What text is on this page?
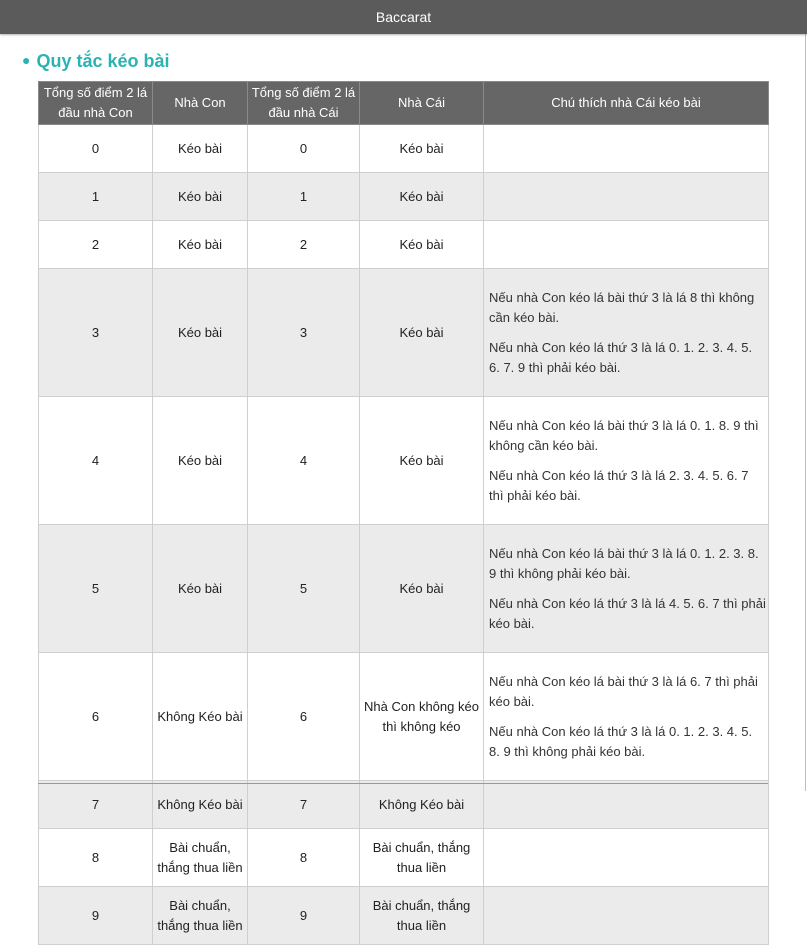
Baccarat
● Quy tắc kéo bài
Tổng số điểm 2 lá đầu nhà Con	Nhà Con	Tổng số điểm 2 lá đầu nhà Cái	Nhà Cái	Chú thích nhà Cái kéo bài
0	Kéo bài	0	Kéo bài	
1	Kéo bài	1	Kéo bài	
2	Kéo bài	2	Kéo bài	
3	Kéo bài	3	Kéo bài	Nếu nhà Con kéo lá bài thứ 3 là lá 8 thì không cần kéo bài.

Nếu nhà Con kéo lá thứ 3 là lá 0. 1. 2. 3. 4. 5. 6. 7. 9 thì phải kéo bài.

4	Kéo bài	4	Kéo bài	Nếu nhà Con kéo lá bài thứ 3 là lá 0. 1. 8. 9 thì không cần kéo bài.

Nếu nhà Con kéo lá thứ 3 là lá 2. 3. 4. 5. 6. 7 thì phải kéo bài.

5	Kéo bài	5	Kéo bài	Nếu nhà Con kéo lá bài thứ 3 là lá 0. 1. 2. 3. 8. 9 thì không phải kéo bài.

Nếu nhà Con kéo lá thứ 3 là lá 4. 5. 6. 7 thì phải kéo bài.

6	Không Kéo bài	6	Nhà Con không kéo thì không kéo	Nếu nhà Con kéo lá bài thứ 3 là lá 6. 7 thì phải kéo bài.

Nếu nhà Con kéo lá thứ 3 là lá 0. 1. 2. 3. 4. 5. 8. 9 thì không phải kéo bài.

7	Không Kéo bài	7	Không Kéo bài	
8	Bài chuẩn, thắng thua liền	8	Bài chuẩn, thắng thua liền	
9	Bài chuẩn, thắng thua liền	9	Bài chuẩn, thắng thua liền	
